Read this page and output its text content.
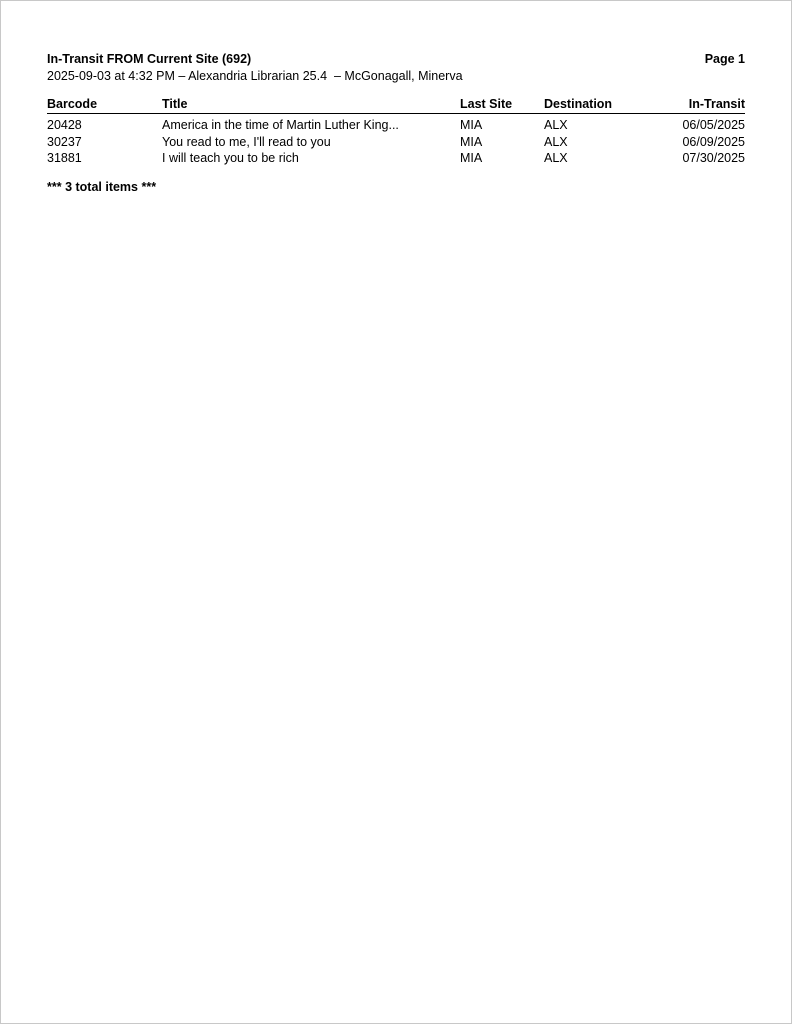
In-Transit FROM Current Site (692)	Page 1
2025-09-03 at 4:32 PM – Alexandria Librarian 25.4  – McGonagall, Minerva
Barcode	Title	Last Site	Destination	In-Transit
20428	America in the time of Martin Luther King...	MIA	ALX	06/05/2025
30237	You read to me, I'll read to you	MIA	ALX	06/09/2025
31881	I will teach you to be rich	MIA	ALX	07/30/2025
*** 3 total items ***
